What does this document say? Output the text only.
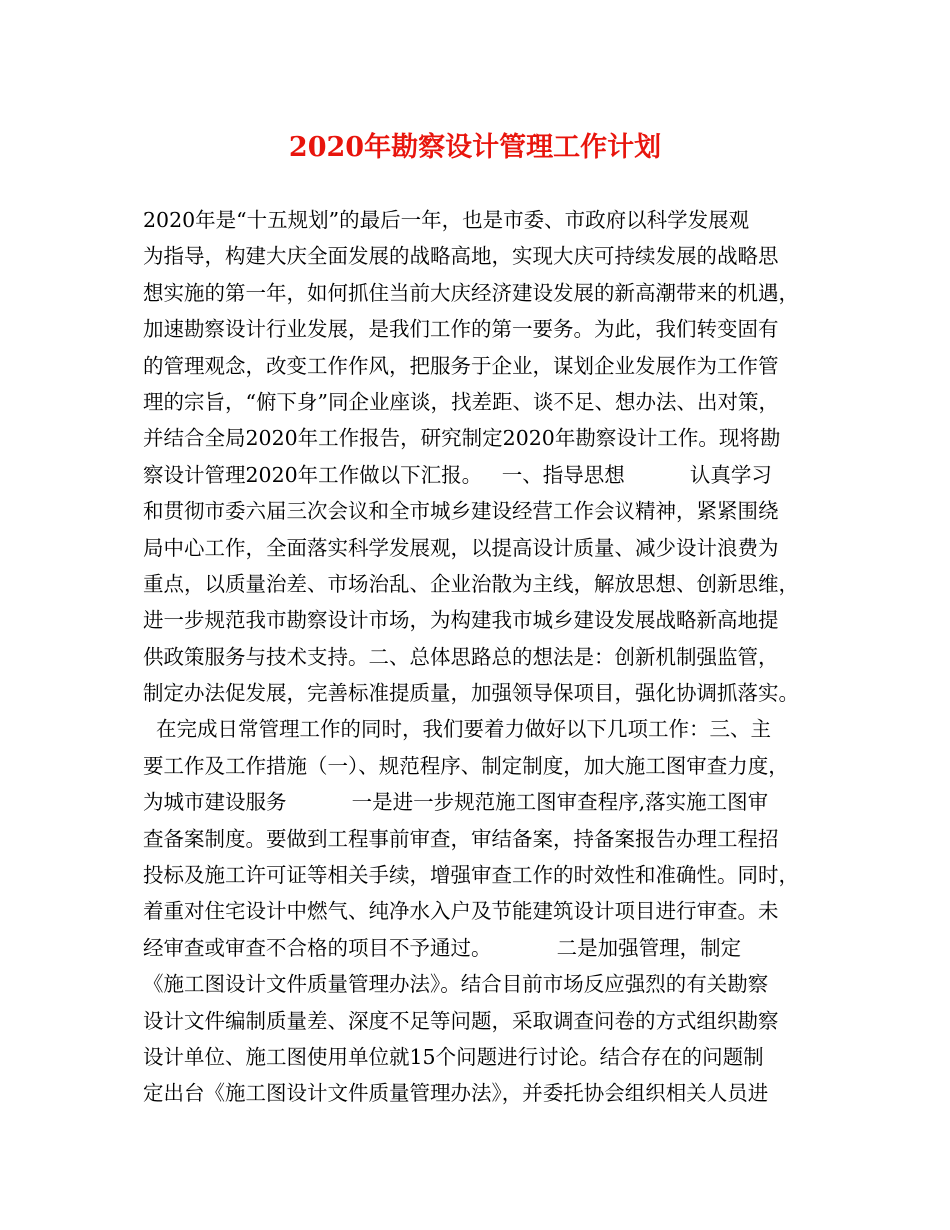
2020年勘察设计管理工作计划
2020年是“十五规划”的最后一年，也是市委、市政府以科学发展观
为指导，构建大庆全面发展的战略高地，实现大庆可持续发展的战略思
想实施的第一年，如何抓住当前大庆经济建设发展的新高潮带来的机遇，
加速勘察设计行业发展，是我们工作的第一要务。为此，我们转变固有
的管理观念，改变工作作风，把服务于企业，谋划企业发展作为工作管
理的宗旨，“俯下身”同企业座谈，找差距、谈不足、想办法、出对策，
并结合全局2020年工作报告，研究制定2020年勘察设计工作。现将勘
察设计管理2020年工作做以下汇报。   一、指导思想          认真学习
和贯彻市委六届三次会议和全市城乡建设经营工作会议精神，紧紧围绕
局中心工作，全面落实科学发展观，以提高设计质量、减少设计浪费为
重点，以质量治差、市场治乱、企业治散为主线，解放思想、创新思维，
进一步规范我市勘察设计市场，为构建我市城乡建设发展战略新高地提
供政策服务与技术支持。二、总体思路总的想法是：创新机制强监管，
制定办法促发展，完善标准提质量，加强领导保项目，强化协调抓落实。
在完成日常管理工作的同时，我们要着力做好以下几项工作：三、主
要工作及工作措施（一）、规范程序、制定制度，加大施工图审查力度，
为城市建设服务          一是进一步规范施工图审查程序,落实施工图审
查备案制度。要做到工程事前审查，审结备案，持备案报告办理工程招
投标及施工许可证等相关手续，增强审查工作的时效性和准确性。同时，
着重对住宅设计中燃气、纯净水入户及节能建筑设计项目进行审查。未
经审查或审查不合格的项目不予通过。          二是加强管理，制定
《施工图设计文件质量管理办法》。结合目前市场反应强烈的有关勘察
设计文件编制质量差、深度不足等问题，采取调查问卷的方式组织勘察
设计单位、施工图使用单位就15个问题进行讨论。结合存在的问题制
定出台《施工图设计文件质量管理办法》，并委托协会组织相关人员进
